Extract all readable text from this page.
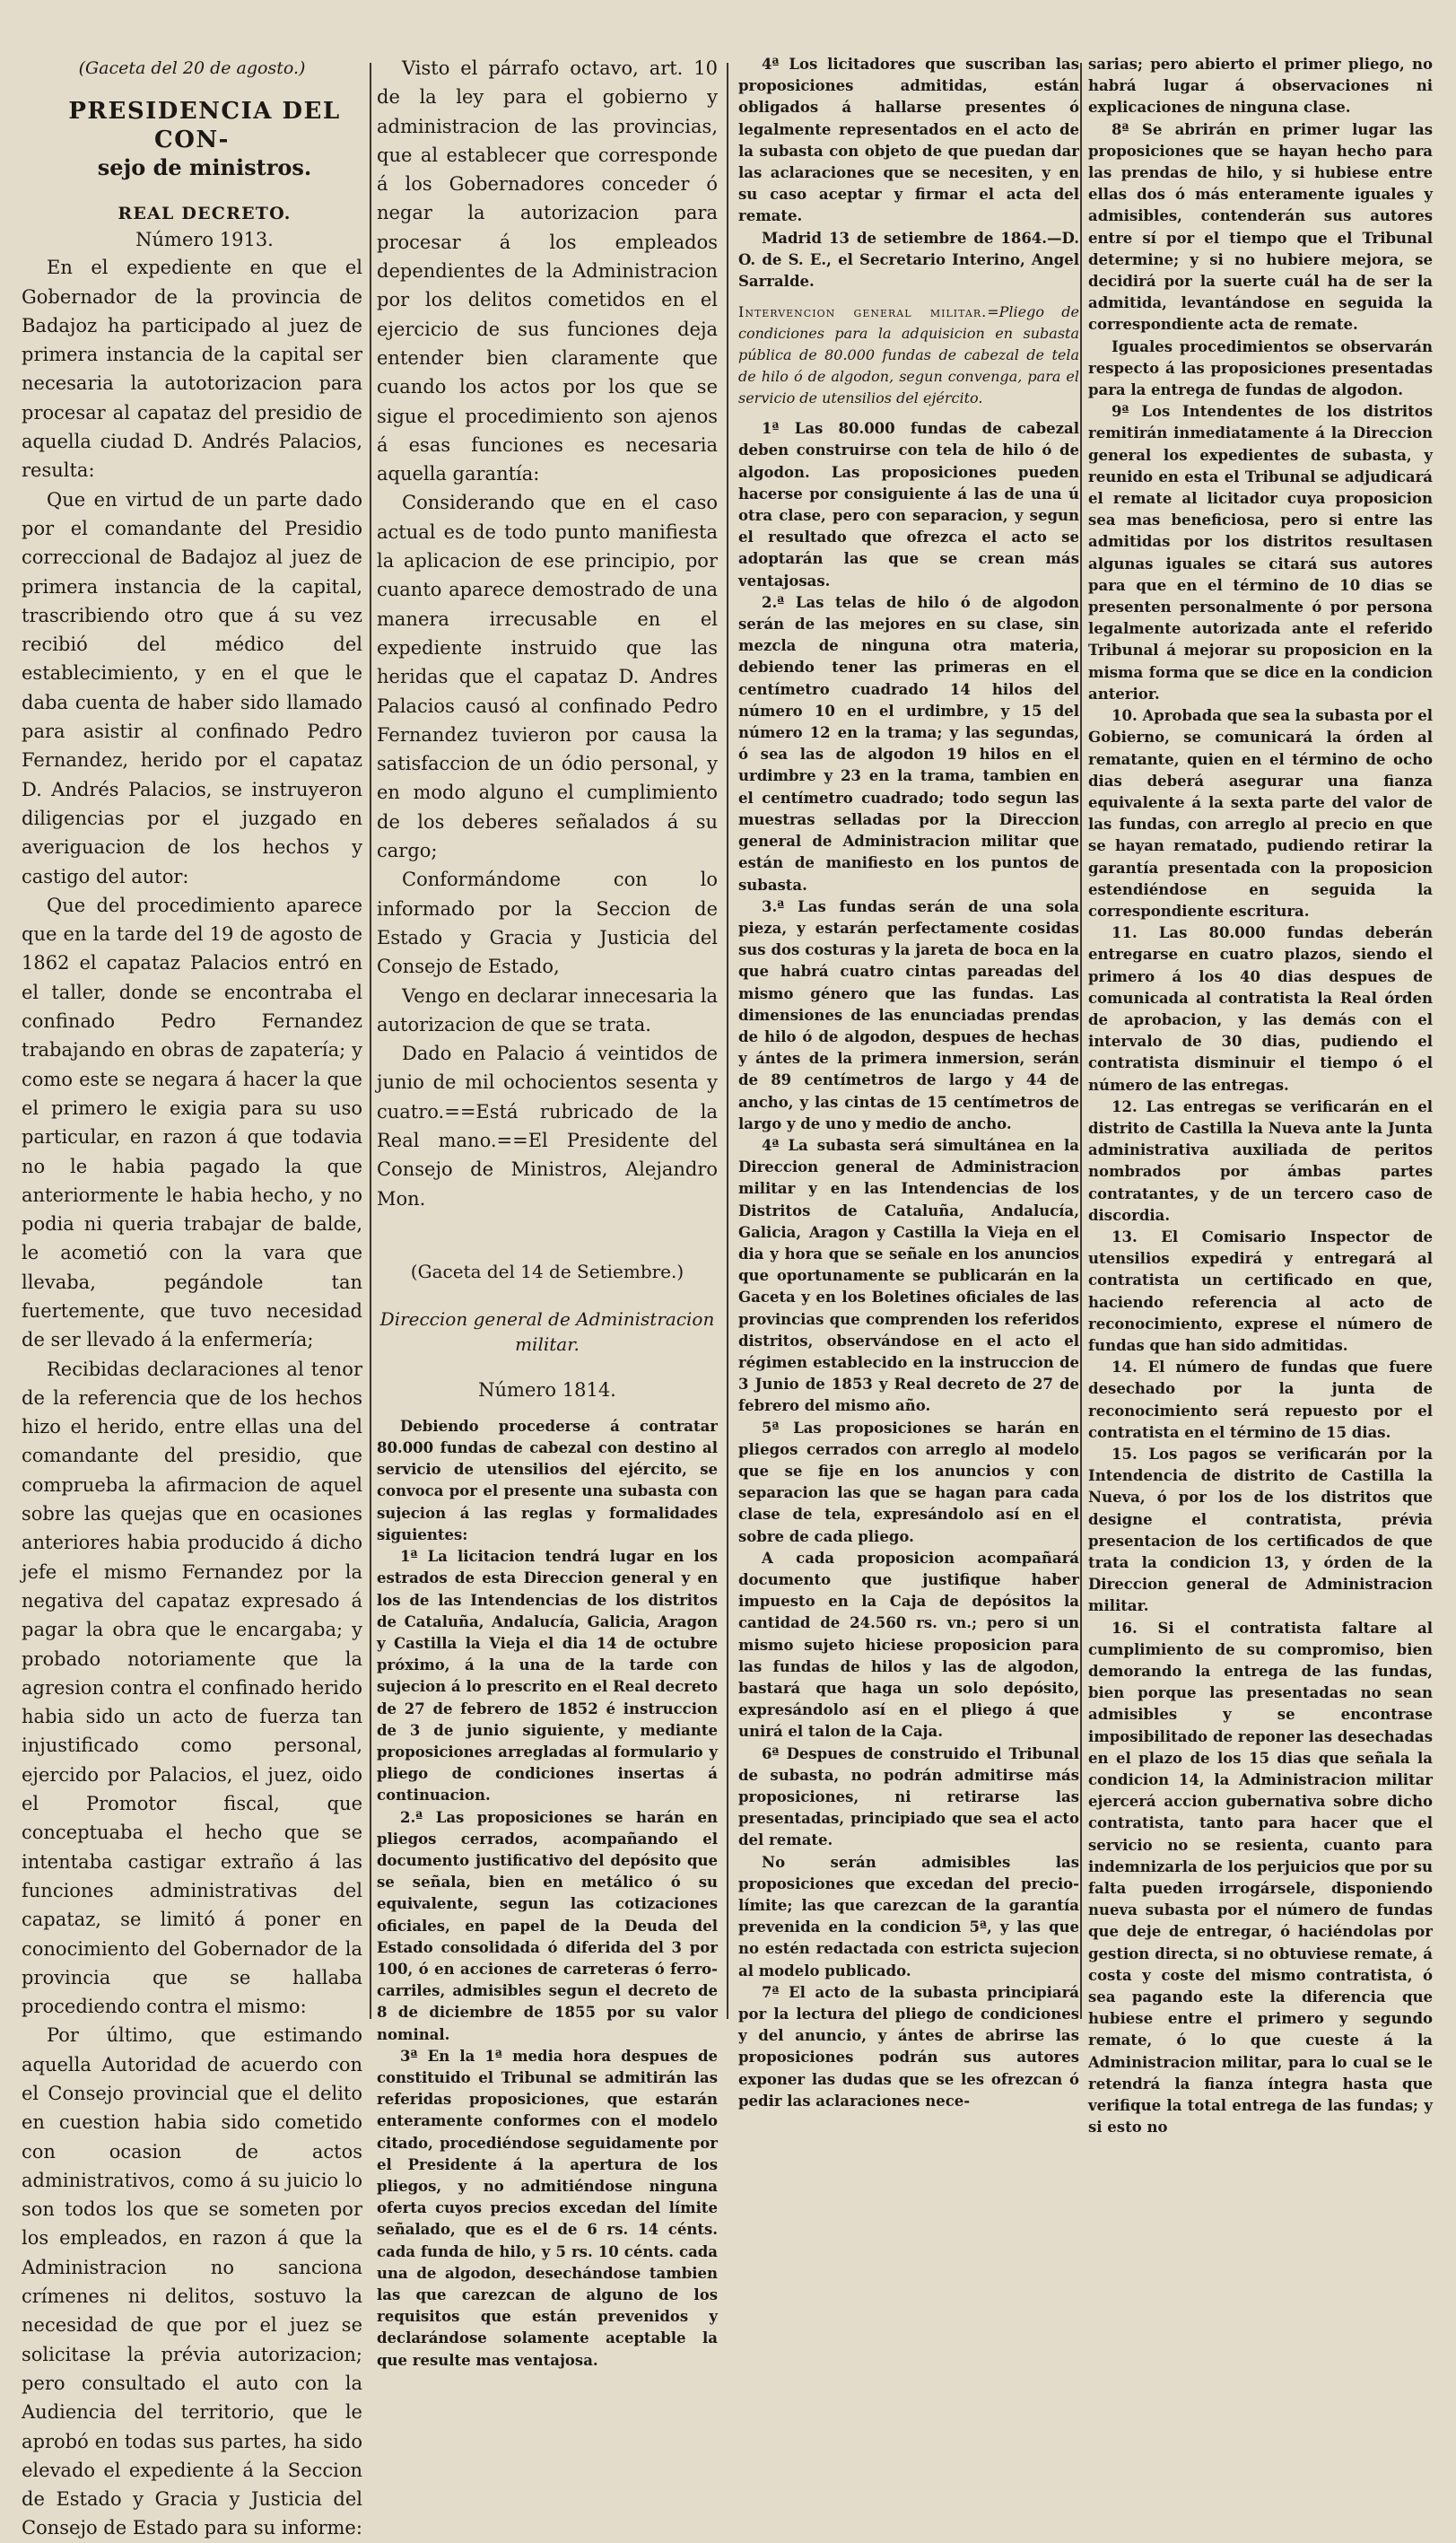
(Gaceta del 20 de agosto.)

PRESIDENCIA DEL CON-

sejo de ministros.

REAL DECRETO.

Número 1913.

En el expediente en que el Gobernador de la provincia de Badajoz ha participado al juez de primera instancia de la capital ser necesaria la autotorizacion para procesar al capataz del presidio de aquella ciudad D. Andrés Palacios, resulta:

Que en virtud de un parte dado por el comandante del Presidio correccional de Badajoz al juez de primera instancia de la capital, trascribiendo otro que á su vez recibió del médico del establecimiento, y en el que le daba cuenta de haber sido llamado para asistir al confinado Pedro Fernandez, herido por el capataz D. Andrés Palacios, se instruyeron diligencias por el juzgado en averiguacion de los hechos y castigo del autor:

Que del procedimiento aparece que en la tarde del 19 de agosto de 1862 el capataz Palacios entró en el taller, donde se encontraba el confinado Pedro Fernandez trabajando en obras de zapatería; y como este se negara á hacer la que el primero le exigia para su uso particular, en razon á que todavia no le habia pagado la que anteriormente le habia hecho, y no podia ni queria trabajar de balde, le acometió con la vara que llevaba, pegándole tan fuertemente, que tuvo necesidad de ser llevado á la enfermería;

Recibidas declaraciones al tenor de la referencia que de los hechos hizo el herido, entre ellas una del comandante del presidio, que comprueba la afirmacion de aquel sobre las quejas que en ocasiones anteriores habia producido á dicho jefe el mismo Fernandez por la negativa del capataz expresado á pagar la obra que le encargaba; y probado notoriamente que la agresion contra el confinado herido habia sido un acto de fuerza tan injustificado como personal, ejercido por Palacios, el juez, oido el Promotor fiscal, que conceptuaba el hecho que se intentaba castigar extraño á las funciones administrativas del capataz, se limitó á poner en conocimiento del Gobernador de la provincia que se hallaba procediendo contra el mismo:

Por último, que estimando aquella Autoridad de acuerdo con el Consejo provincial que el delito en cuestion habia sido cometido con ocasion de actos administrativos, como á su juicio lo son todos los que se someten por los empleados, en razon á que la Administracion no sanciona crímenes ni delitos, sostuvo la necesidad de que por el juez se solicitase la prévia autorizacion; pero consultado el auto con la Audiencia del territorio, que le aprobó en todas sus partes, ha sido elevado el expediente á la Seccion de Estado y Gracia y Justicia del Consejo de Estado para su informe:

Visto el párrafo octavo, art. 10 de la ley para el gobierno y administracion de las provincias, que al establecer que corresponde á los Gobernadores conceder ó negar la autorizacion para procesar á los empleados dependientes de la Administracion por los delitos cometidos en el ejercicio de sus funciones deja entender bien claramente que cuando los actos por los que se sigue el procedimiento son ajenos á esas funciones es necesaria aquella garantía:

Considerando que en el caso actual es de todo punto manifiesta la aplicacion de ese principio, por cuanto aparece demostrado de una manera irrecusable en el expediente instruido que las heridas que el capataz D. Andres Palacios causó al confinado Pedro Fernandez tuvieron por causa la satisfaccion de un ódio personal, y en modo alguno el cumplimiento de los deberes señalados á su cargo;

Conformándome con lo informado por la Seccion de Estado y Gracia y Justicia del Consejo de Estado,

Vengo en declarar innecesaria la autorizacion de que se trata.

Dado en Palacio á veintidos de junio de mil ochocientos sesenta y cuatro.==Está rubricado de la Real mano.==El Presidente del Consejo de Ministros, Alejandro Mon.

(Gaceta del 14 de Setiembre.)

Direccion general de Administracion militar.

Número 1814.

Debiendo procederse á contratar 80.000 fundas de cabezal con destino al servicio de utensilios del ejército, se convoca por el presente una subasta con sujecion á las reglas y formalidades siguientes:

1ª La licitacion tendrá lugar en los estrados de esta Direccion general y en los de las Intendencias de los distritos de Cataluña, Andalucía, Galicia, Aragon y Castilla la Vieja el dia 14 de octubre próximo, á la una de la tarde con sujecion á lo prescrito en el Real decreto de 27 de febrero de 1852 é instruccion de 3 de junio siguiente, y mediante proposiciones arregladas al formulario y pliego de condiciones insertas á continuacion.

2.ª Las proposiciones se harán en pliegos cerrados, acompañando el documento justificativo del depósito que se señala, bien en metálico ó su equivalente, segun las cotizaciones oficiales, en papel de la Deuda del Estado consolidada ó diferida del 3 por 100, ó en acciones de carreteras ó ferro-carriles, admisibles segun el decreto de 8 de diciembre de 1855 por su valor nominal.

3ª En la 1ª media hora despues de constituido el Tribunal se admitirán las referidas proposiciones, que estarán enteramente conformes con el modelo citado, procediéndose seguidamente por el Presidente á la apertura de los pliegos, y no admitiéndose ninguna oferta cuyos precios excedan del límite señalado, que es el de 6 rs. 14 cénts. cada funda de hilo, y 5 rs. 10 cénts. cada una de algodon, desechándose tambien las que carezcan de alguno de los requisitos que están prevenidos y declarándose solamente aceptable la que resulte mas ventajosa.

4ª Los licitadores que suscriban las proposiciones admitidas, están obligados á hallarse presentes ó legalmente representados en el acto de la subasta con objeto de que puedan dar las aclaraciones que se necesiten, y en su caso aceptar y firmar el acta del remate.

Madrid 13 de setiembre de 1864.—D. O. de S. E., el Secretario Interino, Angel Sarralde.

Intervencion general militar.=Pliego de condiciones para la adquisicion en subasta pública de 80.000 fundas de cabezal de tela de hilo ó de algodon, segun convenga, para el servicio de utensilios del ejército.

1ª Las 80.000 fundas de cabezal deben construirse con tela de hilo ó de algodon. Las proposiciones pueden hacerse por consiguiente á las de una ú otra clase, pero con separacion, y segun el resultado que ofrezca el acto se adoptarán las que se crean más ventajosas.

2.ª Las telas de hilo ó de algodon serán de las mejores en su clase, sin mezcla de ninguna otra materia, debiendo tener las primeras en el centímetro cuadrado 14 hilos del número 10 en el urdimbre, y 15 del número 12 en la trama; y las segundas, ó sea las de algodon 19 hilos en el urdimbre y 23 en la trama, tambien en el centímetro cuadrado; todo segun las muestras selladas por la Direccion general de Administracion militar que están de manifiesto en los puntos de subasta.

3.ª Las fundas serán de una sola pieza, y estarán perfectamente cosidas sus dos costuras y la jareta de boca en la que habrá cuatro cintas pareadas del mismo género que las fundas. Las dimensiones de las enunciadas prendas de hilo ó de algodon, despues de hechas y ántes de la primera inmersion, serán de 89 centímetros de largo y 44 de ancho, y las cintas de 15 centímetros de largo y de uno y medio de ancho.

4ª La subasta será simultánea en la Direccion general de Administracion militar y en las Intendencias de los Distritos de Cataluña, Andalucía, Galicia, Aragon y Castilla la Vieja en el dia y hora que se señale en los anuncios que oportunamente se publicarán en la Gaceta y en los Boletines oficiales de las provincias que comprenden los referidos distritos, observándose en el acto el régimen establecido en la instruccion de 3 Junio de 1853 y Real decreto de 27 de febrero del mismo año.

5ª Las proposiciones se harán en pliegos cerrados con arreglo al modelo que se fije en los anuncios y con separacion las que se hagan para cada clase de tela, expresándolo así en el sobre de cada pliego.

A cada proposicion acompañará documento que justifique haber impuesto en la Caja de depósitos la cantidad de 24.560 rs. vn.; pero si un mismo sujeto hiciese proposicion para las fundas de hilos y las de algodon, bastará que haga un solo depósito, expresándolo así en el pliego á que unirá el talon de la Caja.

6ª Despues de construido el Tribunal de subasta, no podrán admitirse más proposiciones, ni retirarse las presentadas, principiado que sea el acto del remate.

No serán admisibles las proposiciones que excedan del precio-límite; las que carezcan de la garantía prevenida en la condicion 5ª, y las que no estén redactada con estricta sujecion al modelo publicado.

7ª El acto de la subasta principiará por la lectura del pliego de condiciones y del anuncio, y ántes de abrirse las proposiciones podrán sus autores exponer las dudas que se les ofrezcan ó pedir las aclaraciones nece-

sarias; pero abierto el primer pliego, no habrá lugar á observaciones ni explicaciones de ninguna clase.

8ª Se abrirán en primer lugar las proposiciones que se hayan hecho para las prendas de hilo, y si hubiese entre ellas dos ó más enteramente iguales y admisibles, contenderán sus autores entre sí por el tiempo que el Tribunal determine; y si no hubiere mejora, se decidirá por la suerte cuál ha de ser la admitida, levantándose en seguida la correspondiente acta de remate.

Iguales procedimientos se observarán respecto á las proposiciones presentadas para la entrega de fundas de algodon.

9ª Los Intendentes de los distritos remitirán inmediatamente á la Direccion general los expedientes de subasta, y reunido en esta el Tribunal se adjudicará el remate al licitador cuya proposicion sea mas beneficiosa, pero si entre las admitidas por los distritos resultasen algunas iguales se citará sus autores para que en el término de 10 dias se presenten personalmente ó por persona legalmente autorizada ante el referido Tribunal á mejorar su proposicion en la misma forma que se dice en la condicion anterior.

10. Aprobada que sea la subasta por el Gobierno, se comunicará la órden al rematante, quien en el término de ocho dias deberá asegurar una fianza equivalente á la sexta parte del valor de las fundas, con arreglo al precio en que se hayan rematado, pudiendo retirar la garantía presentada con la proposicion estendiéndose en seguida la correspondiente escritura.

11. Las 80.000 fundas deberán entregarse en cuatro plazos, siendo el primero á los 40 dias despues de comunicada al contratista la Real órden de aprobacion, y las demás con el intervalo de 30 dias, pudiendo el contratista disminuir el tiempo ó el número de las entregas.

12. Las entregas se verificarán en el distrito de Castilla la Nueva ante la Junta administrativa auxiliada de peritos nombrados por ámbas partes contratantes, y de un tercero caso de discordia.

13. El Comisario Inspector de utensilios expedirá y entregará al contratista un certificado en que, haciendo referencia al acto de reconocimiento, exprese el número de fundas que han sido admitidas.

14. El número de fundas que fuere desechado por la junta de reconocimiento será repuesto por el contratista en el término de 15 dias.

15. Los pagos se verificarán por la Intendencia de distrito de Castilla la Nueva, ó por los de los distritos que designe el contratista, prévia presentacion de los certificados de que trata la condicion 13, y órden de la Direccion general de Administracion militar.

16. Si el contratista faltare al cumplimiento de su compromiso, bien demorando la entrega de las fundas, bien porque las presentadas no sean admisibles y se encontrase imposibilitado de reponer las desechadas en el plazo de los 15 dias que señala la condicion 14, la Administracion militar ejercerá accion gubernativa sobre dicho contratista, tanto para hacer que el servicio no se resienta, cuanto para indemnizarla de los perjuicios que por su falta pueden irrogársele, disponiendo nueva subasta por el número de fundas que deje de entregar, ó haciéndolas por gestion directa, si no obtuviese remate, á costa y coste del mismo contratista, ó sea pagando este la diferencia que hubiese entre el primero y segundo remate, ó lo que cueste á la Administracion militar, para lo cual se le retendrá la fianza íntegra hasta que verifique la total entrega de las fundas; y si esto no
